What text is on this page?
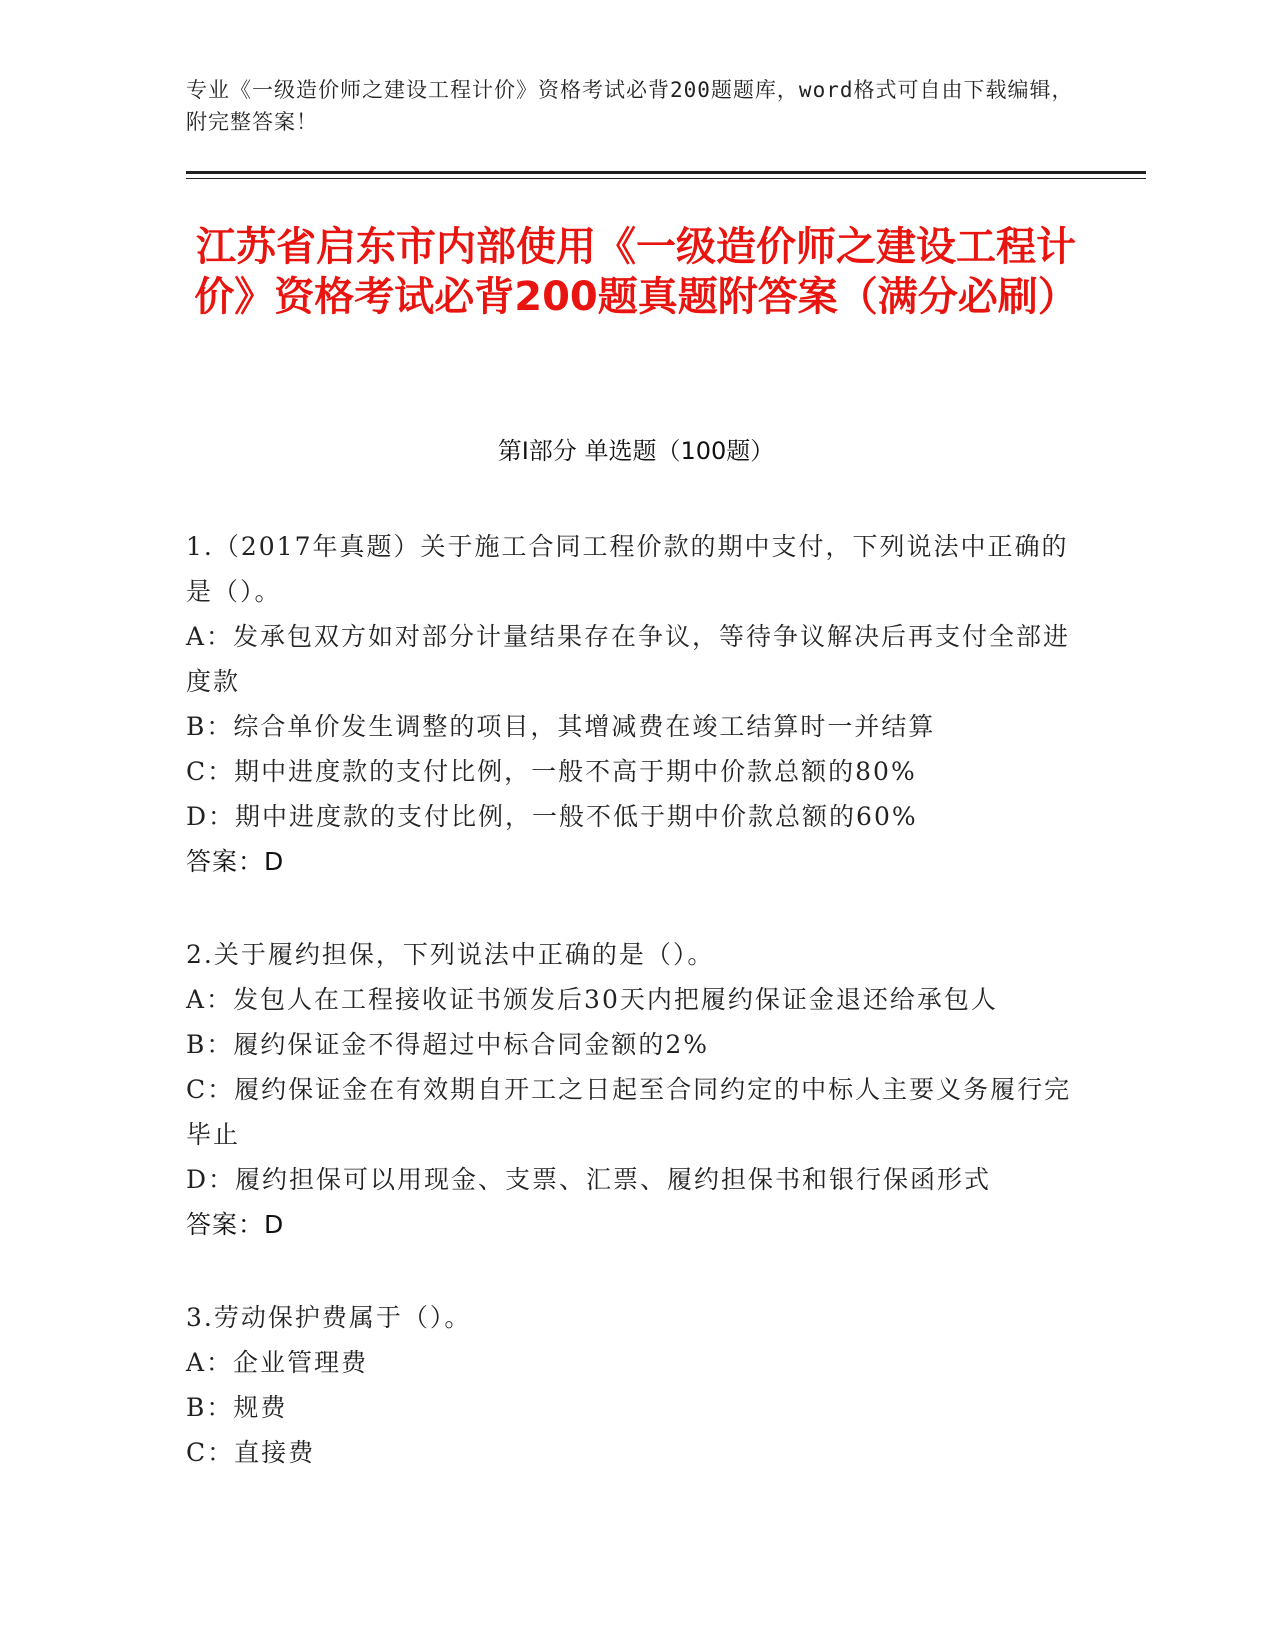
专业《一级造价师之建设工程计价》资格考试必背200题题库，word格式可自由下载编辑，附完整答案！
江苏省启东市内部使用《一级造价师之建设工程计价》资格考试必背200题真题附答案（满分必刷）
第Ⅰ部分 单选题（100题）

1.（2017年真题）关于施工合同工程价款的期中支付，下列说法中正确的是（）。

A：发承包双方如对部分计量结果存在争议，等待争议解决后再支付全部进度款

B：综合单价发生调整的项目，其增减费在竣工结算时一并结算

C：期中进度款的支付比例，一般不高于期中价款总额的80%

D：期中进度款的支付比例，一般不低于期中价款总额的60%

答案：D

2.关于履约担保，下列说法中正确的是（）。

A：发包人在工程接收证书颁发后30天内把履约保证金退还给承包人

B：履约保证金不得超过中标合同金额的2%

C：履约保证金在有效期自开工之日起至合同约定的中标人主要义务履行完毕止

D：履约担保可以用现金、支票、汇票、履约担保书和银行保函形式

答案：D

3.劳动保护费属于（）。

A：企业管理费

B：规费

C：直接费
